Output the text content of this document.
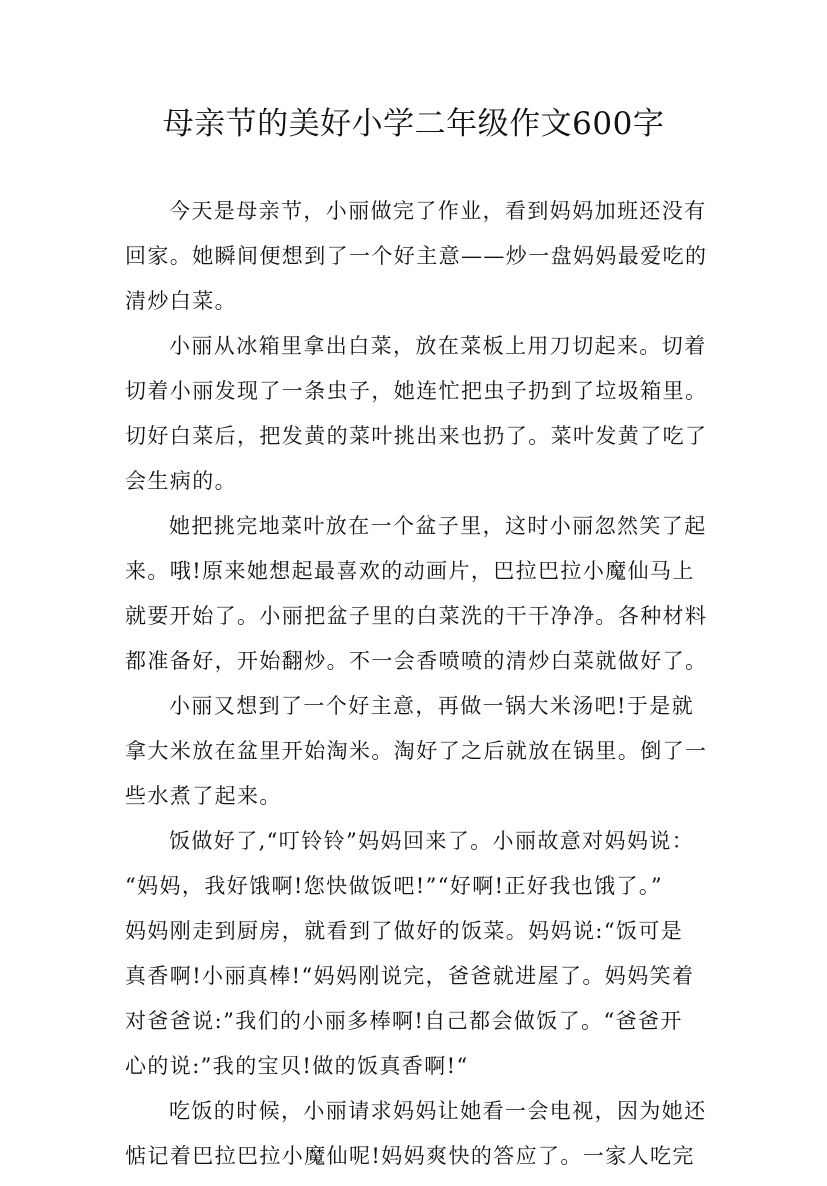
母亲节的美好小学二年级作文600字
今天是母亲节，小丽做完了作业，看到妈妈加班还没有
回家。她瞬间便想到了一个好主意——炒一盘妈妈最爱吃的
清炒白菜。
小丽从冰箱里拿出白菜，放在菜板上用刀切起来。切着
切着小丽发现了一条虫子，她连忙把虫子扔到了垃圾箱里。
切好白菜后，把发黄的菜叶挑出来也扔了。菜叶发黄了吃了
会生病的。
她把挑完地菜叶放在一个盆子里，这时小丽忽然笑了起
来。哦!原来她想起最喜欢的动画片，巴拉巴拉小魔仙马上
就要开始了。小丽把盆子里的白菜洗的干干净净。各种材料
都准备好，开始翻炒。不一会香喷喷的清炒白菜就做好了。
小丽又想到了一个好主意，再做一锅大米汤吧!于是就
拿大米放在盆里开始淘米。淘好了之后就放在锅里。倒了一
些水煮了起来。
饭做好了,“叮铃铃”妈妈回来了。小丽故意对妈妈说：
“妈妈，我好饿啊!您快做饭吧!”“好啊!正好我也饿了。”
妈妈刚走到厨房，就看到了做好的饭菜。妈妈说:“饭可是
真香啊!小丽真棒!“妈妈刚说完，爸爸就进屋了。妈妈笑着
对爸爸说:”我们的小丽多棒啊!自己都会做饭了。“爸爸开
心的说:”我的宝贝!做的饭真香啊!“
吃饭的时候，小丽请求妈妈让她看一会电视，因为她还
惦记着巴拉巴拉小魔仙呢!妈妈爽快的答应了。一家人吃完
